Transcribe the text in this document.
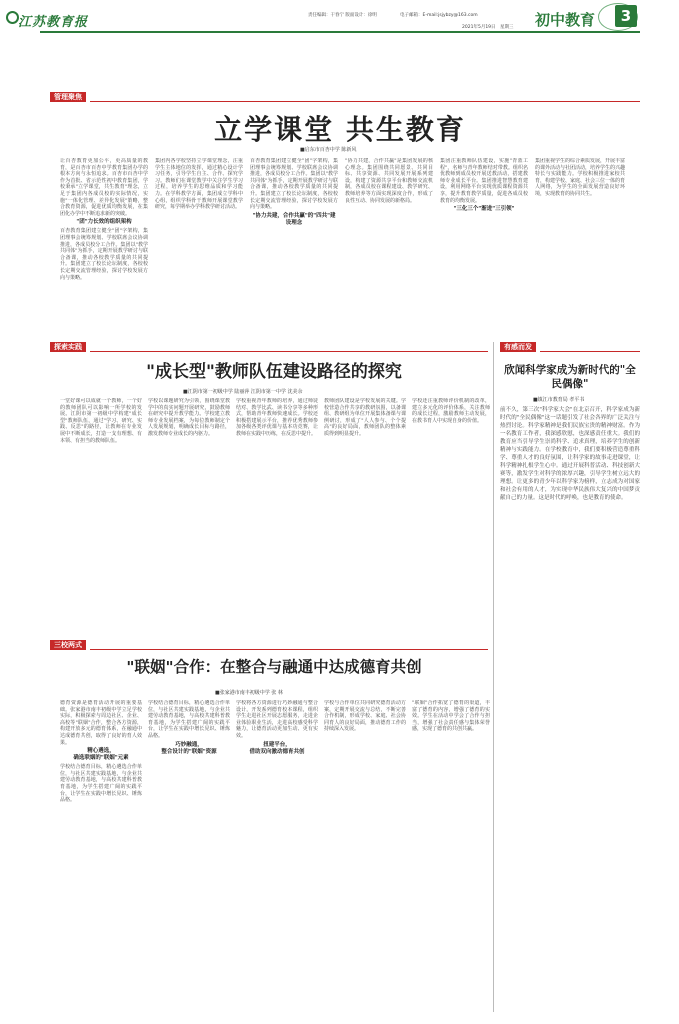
江苏教育报	责任编辑：干春宁 版面设计：徐明	电子邮箱：E-mail:jsjybzy@163.com
2021年5月19日 星期三 初中教育	3
管理聚焦
立学课堂 共生教育
■启东市百杏中学 陈新风
让百杏教育更加公平，更高质量的教育，是百杏市百杏中学教育集团办学的根本方向与永恒追求。百杏市百杏中学作为首批、省示范性初中教育集团，学校秉承"立学课堂，共生教育"理念，立足于集团内各成员校的实际情况，实施"一体化管理、差异化发展"策略，整合教育资源，促进优质均衡发展，在集团化办学中不断追求新的突破。
"团"力长效的组织架构
百杏教育集团建立健全"团"字架构，集团理事会统筹规划、学校联席会议协调推进，各成员校分工合作。集团以"教学共同体"为抓手，定期开展教学研讨与联合备课，推动各校教学质量的共同提升。集团建立了校长论坛制度，各校校长定期交流管理经验，探讨学校发展方向与策略。
集团内各学校坚持立学课堂理念，注重学生主体地位的发挥，通过精心设计学习任务，引导学生自主、合作、探究学习。教师们在课堂教学中关注学生学习过程，培养学生的思维品质和学习能力。在学科教学方面，集团成立学科中心组，组织学科骨干教师开展课堂教学研究，每学期举办学科教学研讨活动。
百杏教育集团建立健全"团"字架构，集团理事会统筹规划、学校联席会议协调推进，各成员校分工合作。集团以"教学共同体"为抓手，定期开展教学研讨与联合备课，推动各校教学质量的共同提升。集团建立了校长论坛制度，各校校长定期交流管理经验，探讨学校发展方向与策略。
"协力共建，合作共赢"的"四共"建设理念
"协力共建，合作共赢"是集团发展的核心理念。集团围绕共同愿景、共同目标、共享资源、共同发展开展系列建设，构建了资源共享平台和教师交流机制，各成员校在课程建设、教学研究、教师培养等方面实现深度合作，形成了良性互动、协同发展的新格局。
集团注重教师队伍建设，实施"青蓝工程"，名师与青年教师结对带教。组织名优教师到成员校开展送教活动，搭建教师专业成长平台。集团推进智慧教育建设，利用网络平台实现优质课程资源共享，提升教育教学质量，促进各成员校教育的均衡发展。
"三化三个"渐进"三引领"
集团重视学生的综合素质发展，开展丰富的课外活动与社团活动，培养学生的兴趣特长与实践能力。学校积极推进家校共育，构建学校、家庭、社会三位一体的育人网络，为学生的全面发展营造良好环境，实现教育的协同共生。
探索实践
"成长型"教师队伍建设路径的探究
■江阴市第一初级中学 陆丽萍 江阴市第一中学 沈美余
一堂好课可以成就一个教师，一个好的教师团队可以影响一所学校的发展。江阴市第一初级中学构建"成长型"教师队伍，通过"学习、研究、实践、反思"的路径，让教师在专业发展中不断成长，打造一支有理想、有本领、有担当的教师队伍。
学校以课题研究为引领，围绕课堂教学中的真实问题开展研究，鼓励教师在研究中提升教学能力。学校建立教师专业发展档案，为每位教师制定个人发展规划，明确成长目标与路径，激发教师专业成长的内驱力。
学校重视青年教师的培养，通过师徒结对、教学比武、读书分享等多种形式，帮助青年教师快速成长。学校还积极搭建展示平台，推荐优秀教师参加各级各类评优课与基本功竞赛，让教师在实践中历练，在反思中提升。
教师团队建设是学校发展的关键。学校营造合作共享的教研氛围，以备课组、教研组为单位开展集体备课与课例研讨，形成了"人人参与、个个提高"的良好局面，教师团队的整体素质得到明显提升。
学校还注重教师评价机制的改革，建立多元化的评价体系，关注教师的成长过程，激励教师主动发展，在教书育人中实现自身的价值。
有感而发
欣闻科学家成为新时代的"全民偶像"
■镇江市教育局 孝平书
前不久，第三次"科学家大会"在北京召开，科学家成为新时代的"全民偶像"这一话题引发了社会各界的广泛关注与热烈讨论。科学家精神是我们民族宝贵的精神财富。作为一名教育工作者，我深感欣慰，也深感责任重大。我们的教育应当引导学生崇尚科学、追求真理，培养学生的创新精神与实践能力。在学校教育中，我们要积极营造尊重科学、尊重人才的良好氛围，让科学家的故事走进课堂，让科学精神扎根学生心中。通过开展科普活动、科技创新大赛等，激发学生对科学的浓厚兴趣，引导学生树立远大的理想。让更多的青少年以科学家为榜样，立志成为对国家和社会有用的人才，为实现中华民族伟大复兴的中国梦贡献自己的力量。这是时代的呼唤，也是教育的使命。
三校两式
"联姻"合作：在整合与融通中达成德育共创
■张家港市南丰初级中学 张 林
德育资源是德育活动开展的重要基础。张家港市南丰初级中学立足学校实际，积极探索与周边社区、企业、高校等"联姻"合作，整合各方资源，构建开放多元的德育体系，在融通中达成德育共创，取得了良好的育人效果。
精心遴选，
确选联姻的"联姻"元素
学校结合德育目标，精心遴选合作单位，与社区共建实践基地，与企业共建劳动教育基地，与高校共建科普教育基地，为学生搭建广阔的实践平台，让学生在实践中增长见识、锤炼品格。
学校结合德育目标，精心遴选合作单位，与社区共建实践基地，与企业共建劳动教育基地，与高校共建科普教育基地，为学生搭建广阔的实践平台，让学生在实践中增长见识、锤炼品格。
巧妙融通，
整合设计的"联姻"资源
学校将各方资源进行巧妙融通与整合设计，开发系列德育校本课程，组织学生走进社区开展志愿服务，走进企业体验职业生活，走进高校感受科学魅力，让德育活动更加生动、更有实效。
扭建平台，
借助双向激动德育共创
学校与合作单位共同研究德育活动方案，定期开展交流与总结，不断完善合作机制，形成学校、家庭、社会协同育人的良好局面，推动德育工作的持续深入发展。
"联姻"合作拓宽了德育的渠道，丰富了德育的内容，增强了德育的实效。学生在活动中学会了合作与担当，增强了社会责任感与集体荣誉感，实现了德育的共创共赢。
